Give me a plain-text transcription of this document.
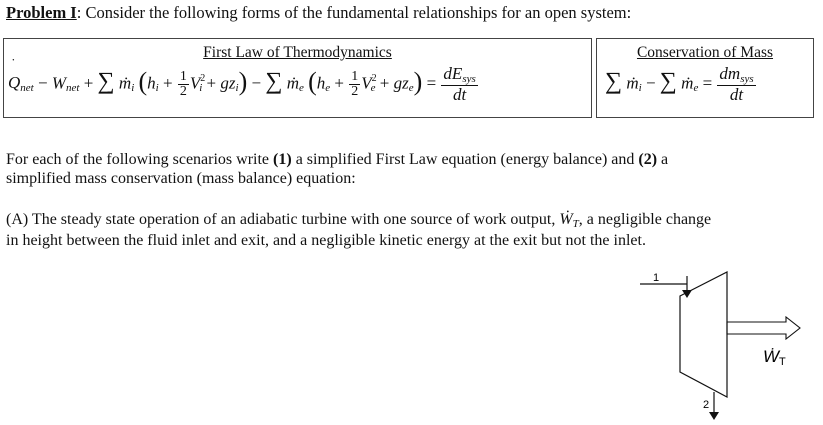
Problem I: Consider the following forms of the fundamental relationships for an open system:
First Law of Thermodynamics
Q
˙
net − Wnet + ∑ ṁi $(hi + \frac{1}{2} V^2i + gzi)$ − ∑ ṁe $(he + \frac{1}{2} V^2e + gze) = \frac{\text{dEsys}}{dt}$
Conservation of Mass
∑ ṁi − ∑ ṁe = $\frac{\text{dmsys}}{dt}$
For each of the following scenarios write (1) a simplified First Law equation (energy balance) and (2) a
simplified mass conservation (mass balance) equation:
(A) The steady state operation of an adiabatic turbine with one source of work output, ẆT, a negligible change
in height between the fluid inlet and exit, and a negligible kinetic energy at the exit but not the inlet.
1
ẆT
2
